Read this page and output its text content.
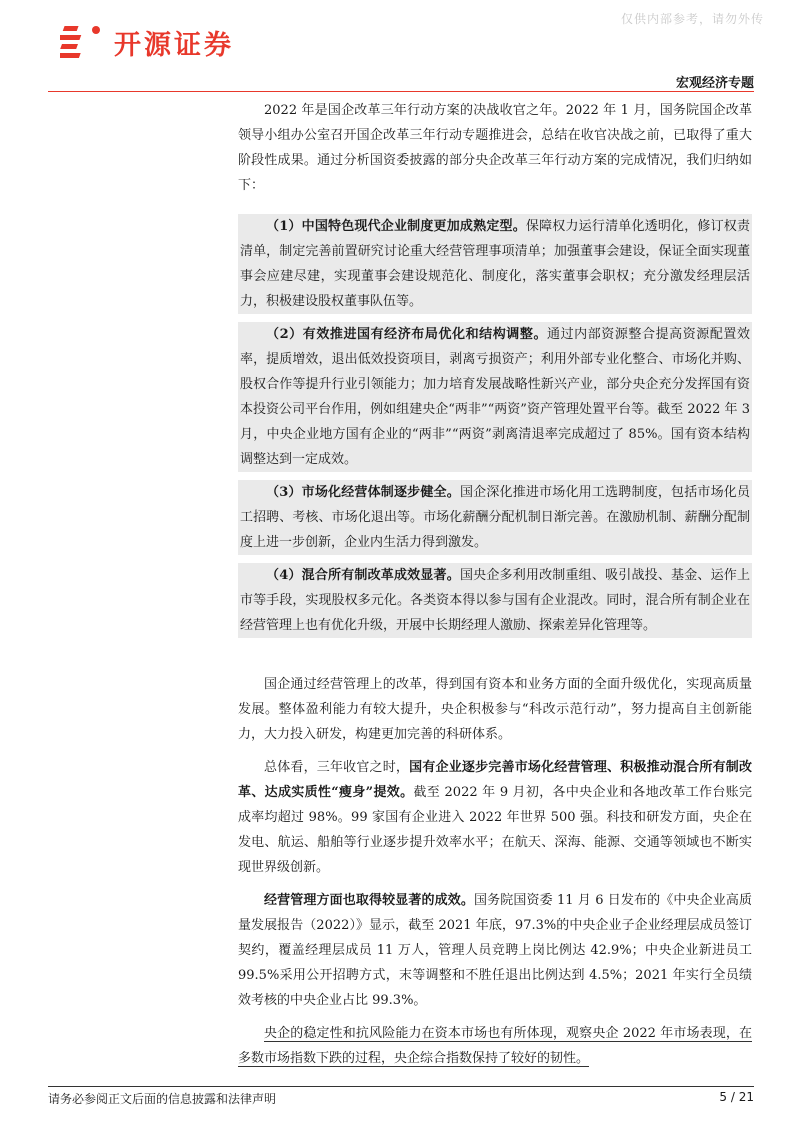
仅供内部参考，请勿外传
开源证券
宏观经济专题

2022 年是国企改革三年行动方案的决战收官之年。2022 年 1 月，国务院国企改革领导小组办公室召开国企改革三年行动专题推进会，总结在收官决战之前，已取得了重大阶段性成果。通过分析国资委披露的部分央企改革三年行动方案的完成情况，我们归纳如下：

（1）中国特色现代企业制度更加成熟定型。保障权力运行清单化透明化，修订权责清单，制定完善前置研究讨论重大经营管理事项清单；加强董事会建设，保证全面实现董事会应建尽建，实现董事会建设规范化、制度化，落实董事会职权；充分激发经理层活力，积极建设股权董事队伍等。

（2）有效推进国有经济布局优化和结构调整。通过内部资源整合提高资源配置效率，提质增效，退出低效投资项目，剥离亏损资产；利用外部专业化整合、市场化并购、股权合作等提升行业引领能力；加力培育发展战略性新兴产业，部分央企充分发挥国有资本投资公司平台作用，例如组建央企“两非”“两资”资产管理处置平台等。截至 2022 年 3 月，中央企业地方国有企业的“两非”“两资”剥离清退率完成超过了 85%。国有资本结构调整达到一定成效。

（3）市场化经营体制逐步健全。国企深化推进市场化用工选聘制度，包括市场化员工招聘、考核、市场化退出等。市场化薪酬分配机制日渐完善。在激励机制、薪酬分配制度上进一步创新，企业内生活力得到激发。

（4）混合所有制改革成效显著。国央企多利用改制重组、吸引战投、基金、运作上市等手段，实现股权多元化。各类资本得以参与国有企业混改。同时，混合所有制企业在经营管理上也有优化升级，开展中长期经理人激励、探索差异化管理等。

国企通过经营管理上的改革，得到国有资本和业务方面的全面升级优化，实现高质量发展。整体盈利能力有较大提升，央企积极参与“科改示范行动”，努力提高自主创新能力，大力投入研发，构建更加完善的科研体系。

总体看，三年收官之时，国有企业逐步完善市场化经营管理、积极推动混合所有制改革、达成实质性“瘦身”提效。截至 2022 年 9 月初，各中央企业和各地改革工作台账完成率均超过 98%。99 家国有企业进入 2022 年世界 500 强。科技和研发方面，央企在发电、航运、船舶等行业逐步提升效率水平；在航天、深海、能源、交通等领域也不断实现世界级创新。

经营管理方面也取得较显著的成效。国务院国资委 11 月 6 日发布的《中央企业高质量发展报告（2022）》显示，截至 2021 年底，97.3%的中央企业子企业经理层成员签订契约，覆盖经理层成员 11 万人，管理人员竞聘上岗比例达 42.9%；中央企业新进员工 99.5%采用公开招聘方式，末等调整和不胜任退出比例达到 4.5%；2021 年实行全员绩效考核的中央企业占比 99.3%。

央企的稳定性和抗风险能力在资本市场也有所体现，观察央企 2022 年市场表现，在多数市场指数下跌的过程，央企综合指数保持了较好的韧性。

请务必参阅正文后面的信息披露和法律声明	5 / 21
